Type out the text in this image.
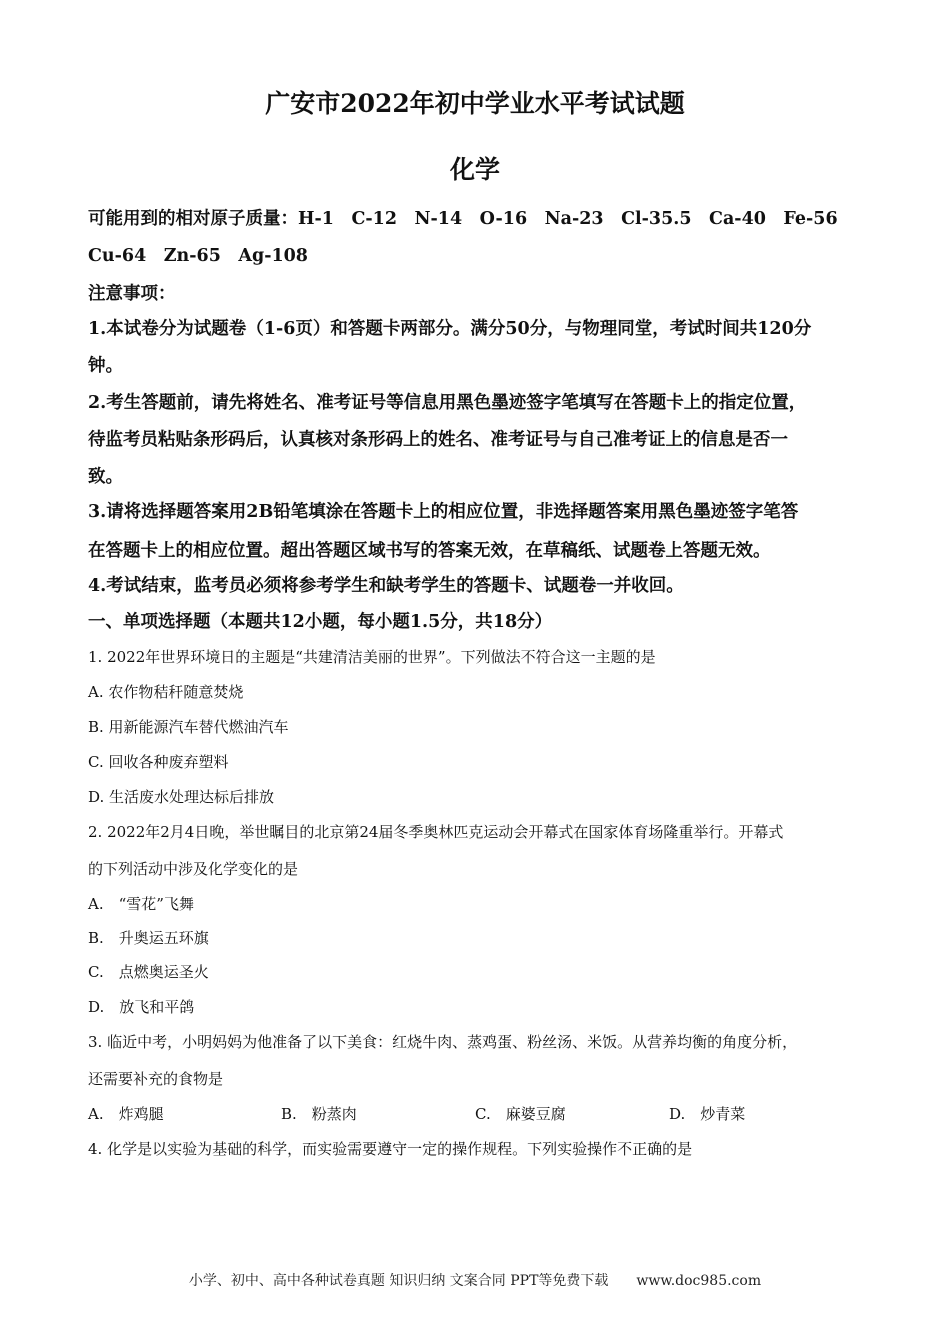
广安市2022年初中学业水平考试试题
化学
可能用到的相对原子质量：H-1　C-12　N-14　O-16　Na-23　Cl-35.5　Ca-40　Fe-56
Cu-64　Zn-65　Ag-108
注意事项：
1.本试卷分为试题卷（1-6页）和答题卡两部分。满分50分，与物理同堂，考试时间共120分
钟。
2.考生答题前，请先将姓名、准考证号等信息用黑色墨迹签字笔填写在答题卡上的指定位置，
待监考员粘贴条形码后，认真核对条形码上的姓名、准考证号与自己准考证上的信息是否一
致。
3.请将选择题答案用2B铅笔填涂在答题卡上的相应位置，非选择题答案用黑色墨迹签字笔答
在答题卡上的相应位置。超出答题区域书写的答案无效，在草稿纸、试题卷上答题无效。
4.考试结束，监考员必须将参考学生和缺考学生的答题卡、试题卷一并收回。
一、单项选择题（本题共12小题，每小题1.5分，共18分）
1. 2022年世界环境日的主题是“共建清洁美丽的世界”。下列做法不符合这一主题的是
A. 农作物秸秆随意焚烧
B. 用新能源汽车替代燃油汽车
C. 回收各种废弃塑料
D. 生活废水处理达标后排放
2. 2022年2月4日晚，举世瞩目的北京第24届冬季奥林匹克运动会开幕式在国家体育场隆重举行。开幕式
的下列活动中涉及化学变化的是
A.　“雪花”飞舞
B.　升奥运五环旗
C.　点燃奥运圣火
D.　放飞和平鸽
3. 临近中考，小明妈妈为他准备了以下美食：红烧牛肉、蒸鸡蛋、粉丝汤、米饭。从营养均衡的角度分析，
还需要补充的食物是
A.　炸鸡腿	B.　粉蒸肉	C.　麻婆豆腐	D.　炒青菜
4. 化学是以实验为基础的科学，而实验需要遵守一定的操作规程。下列实验操作不正确的是
小学、初中、高中各种试卷真题 知识归纳 文案合同 PPT等免费下载　　www.doc985.com
